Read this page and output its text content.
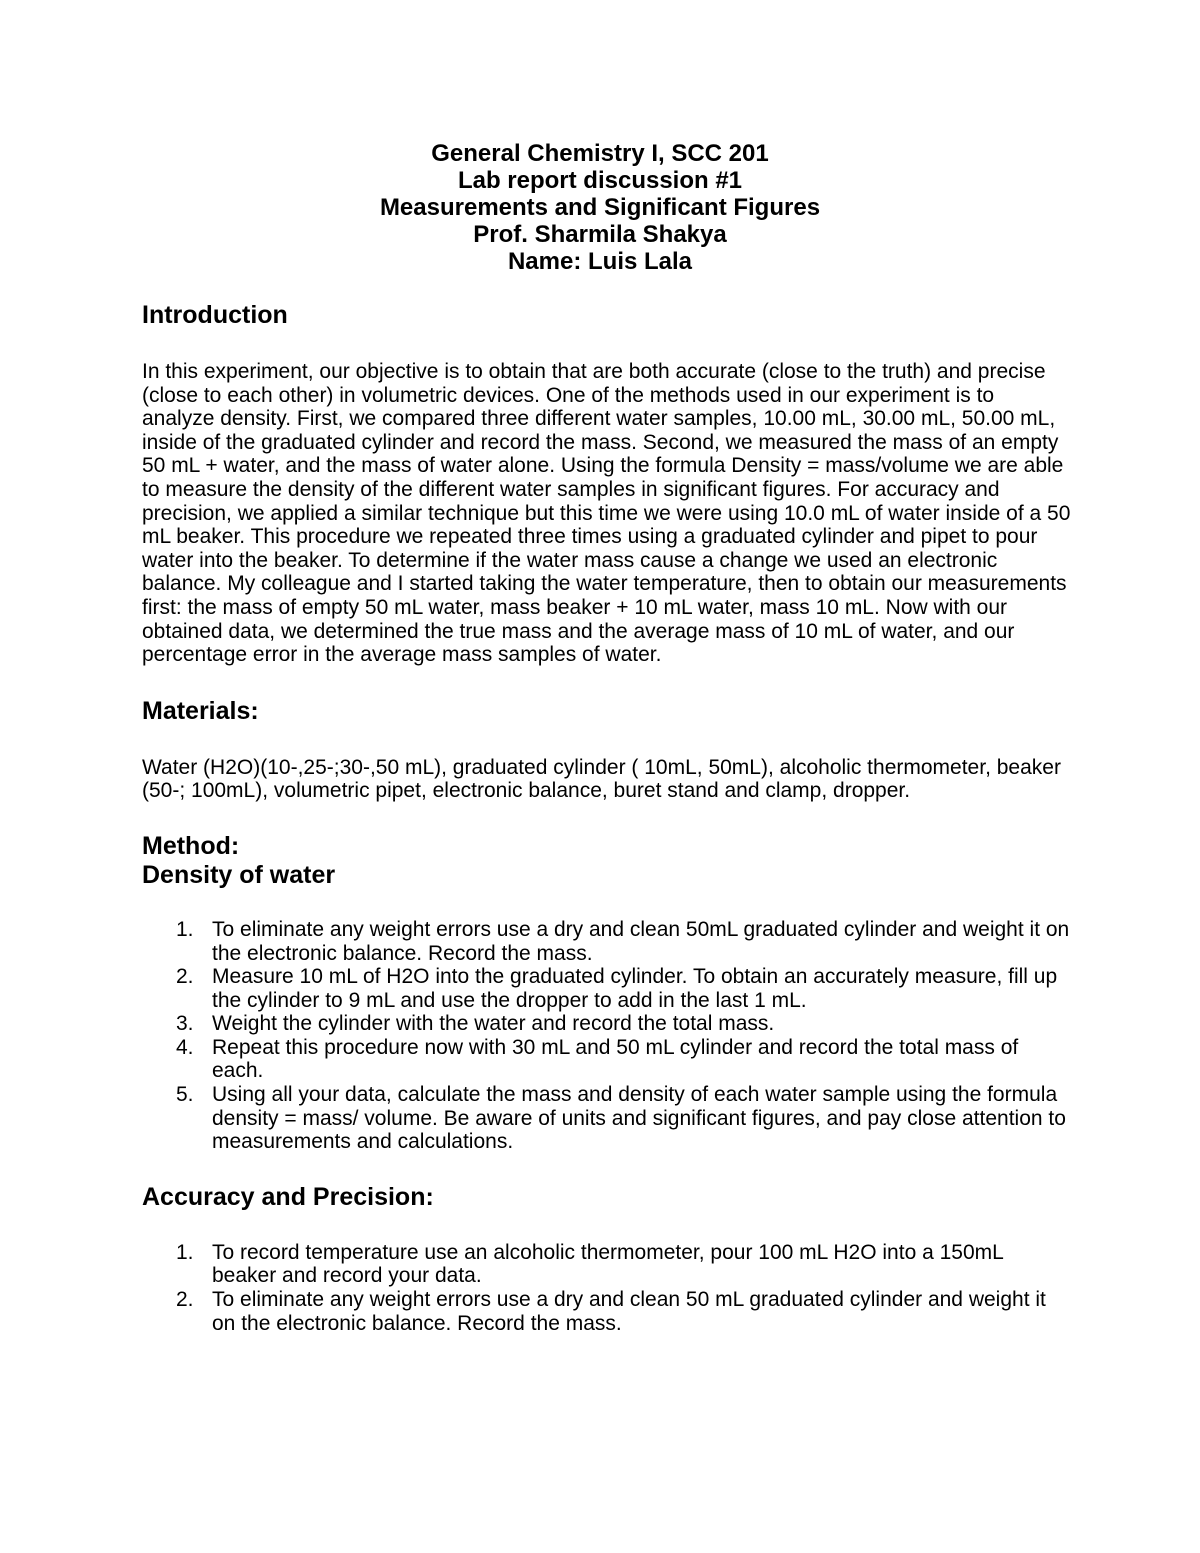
General Chemistry I, SCC 201
Lab report discussion #1
Measurements and Significant Figures
Prof. Sharmila Shakya
Name: Luis Lala
Introduction

In this experiment, our objective is to obtain that are both accurate (close to the truth) and precise (close to each other) in volumetric devices. One of the methods used in our experiment is to analyze density. First, we compared three different water samples, 10.00 mL, 30.00 mL, 50.00 mL, inside of the graduated cylinder and record the mass. Second, we measured the mass of an empty 50 mL + water, and the mass of water alone. Using the formula Density = mass/volume we are able to measure the density of the different water samples in significant figures. For accuracy and precision, we applied a similar technique but this time we were using 10.0 mL of water inside of a 50 mL beaker. This procedure we repeated three times using a graduated cylinder and pipet to pour water into the beaker. To determine if the water mass cause a change we used an electronic balance. My colleague and I started taking the water temperature, then to obtain our measurements first: the mass of empty 50 mL water, mass beaker + 10 mL water, mass 10 mL. Now with our obtained data, we determined the true mass and the average mass of 10 mL of water, and our percentage error in the average mass samples of water.

Materials:

Water (H2O)(10-,25-;30-,50 mL), graduated cylinder ( 10mL, 50mL), alcoholic thermometer, beaker (50-; 100mL), volumetric pipet, electronic balance, buret stand and clamp, dropper.

Method:
Density of water
1. To eliminate any weight errors use a dry and clean 50mL graduated cylinder and weight it on the electronic balance. Record the mass.
2. Measure 10 mL of H2O into the graduated cylinder. To obtain an accurately measure, fill up the cylinder to 9 mL and use the dropper to add in the last 1 mL.
3. Weight the cylinder with the water and record the total mass.
4. Repeat this procedure now with 30 mL and 50 mL cylinder and record the total mass of each.
5. Using all your data, calculate the mass and density of each water sample using the formula density = mass/ volume. Be aware of units and significant figures, and pay close attention to measurements and calculations.
Accuracy and Precision:
1. To record temperature use an alcoholic thermometer, pour 100 mL H2O into a 150mL beaker and record your data.
2. To eliminate any weight errors use a dry and clean 50 mL graduated cylinder and weight it on the electronic balance. Record the mass.
